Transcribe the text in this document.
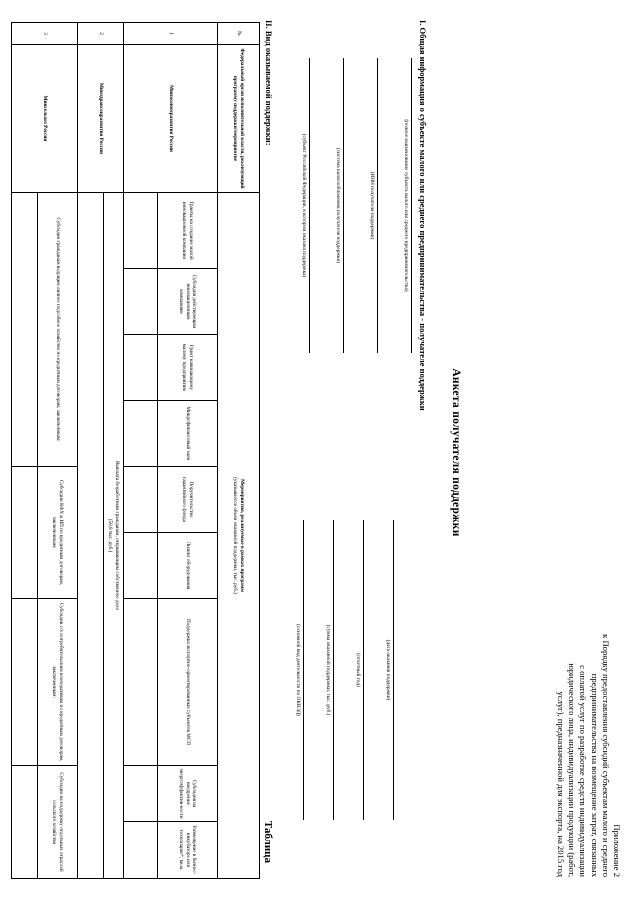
Приложение 2
к Порядку предоставления субсидий субъектам малого и среднего
предпринимательства на возмещение затрат, связанных
с оплатой услуг по разработке средств индивидуализации
юридического лица, индивидуализации продукции (работ,
услуг), предназначенной для экспорта, на 2015 год
Анкета получателя поддержки
I. Общая информация о субъекте малого или среднего предпринимательства - получателе поддержки
(полное наименование субъекта малого или среднего предпринимательства)
(ИНН получателя поддержки)
(система налогообложения получателя поддержки)
(субъект Российской Федерации, в котором оказана поддержка)
(дата оказания поддержки)
(отчетный год)
(сумма оказанной поддержки, тыс. руб.)
(основной вид деятельности по ОКВЭД)
II. Вид оказываемой поддержки:
Таблица
№	Федеральный орган исполнительной власти, реализующий программу поддержки/мероприятие	Мероприятия, реализуемые в рамках программ
(указывается объем оказанной поддержки, тыс. руб.)								

1	Минэкономразвития России	Гранты на создание малой инновационной компании	Субсидия действующим инновационным компаниям	Грант начинающему малому предприятию	Микрофинансовый заем	Поручительство гарантийного фонда	Лизинг оборудования	Поддержка экспортно-ориентированных субъектов МСП	Субсидия на внедрение энергоэффектив-ности	Размещение в бизнес-инкубаторе или технопарке*, кв.м.

2	Минздравсоцразвития России	Выплата безработным гражданам, открывающим собственное дело
(58,8 тыс. руб.)								

3	Минсельхоз России	Субсидии гражданам ведущим личное подсобное хозяйство по кредитным договорам, заключенным:				Субсидии КФХ и ИП по кредитным договорам, заключенным:		Субсидии с/х потребительским кооперативам по кредитным договорам, заключенным:	Субсидии на поддержку отдельных отраслей сельского хозяйства	
